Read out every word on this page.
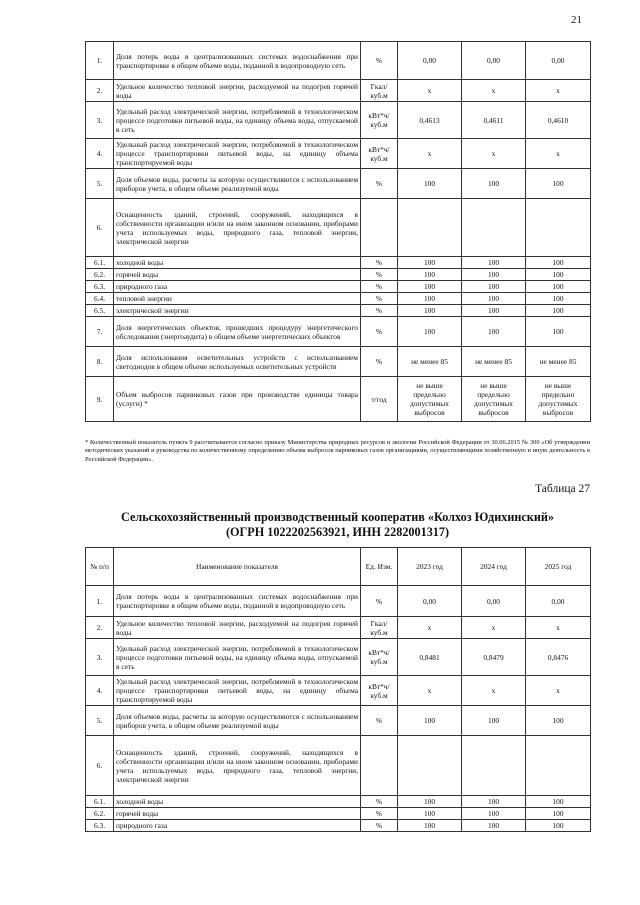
21
1.	Доля потерь воды в централизованных системах водоснабжения при транспортировке в общем объеме воды, поданной в водопроводную сеть	%	0,00	0,00	0,00
2.	Удельное количество тепловой энергии, расходуемой на подогрев горячей воды	Гкал/ куб.м	х	х	х
3.	Удельный расход электрической энергии, потребляемой в технологическом процессе подготовки питьевой воды, на единицу объема воды, отпускаемой в сеть	кВт*ч/ куб.м	0,4613	0,4611	0,4610
4.	Удельный расход электрической энергии, потребляемой в технологическом процессе транспортировки питьевой воды, на единицу объема транспортируемой воды	кВт*ч/ куб.м	х	х	х
5.	Доля объемов воды, расчеты за которую осуществляются с использованием приборов учета, в общем объеме реализуемой воды	%	100	100	100
6.	Оснащенность зданий, строений, сооружений, находящихся в собственности организации и/или на ином законном основании, приборами учета используемых воды, природного газа, тепловой энергии, электрической энергии				
6.1.	холодной воды	%	100	100	100
6.2.	горячей воды	%	100	100	100
6.3.	природного газа	%	100	100	100
6.4.	тепловой энергии	%	100	100	100
6.5.	электрической энергии	%	100	100	100
7.	Доля энергетических объектов, прошедших процедуру энергетического обследования (энергоаудита) в общем объеме энергетических объектов	%	100	100	100
8.	Доля использования осветительных устройств с использованием светодиодов в общем объеме используемых осветительных устройств	%	не менее 85	не менее 85	не менее 85
9.	Объем выбросов парниковых газов при производстве единицы товара (услуги) *	т/год	не выше предельно допустимых выбросов	не выше предельно допустимых выбросов	не выше предельно допустимых выбросов
* Количественный показатель пункта 9 рассчитывается согласно приказу Министерства природных ресурсов и экологии Российской Федерации от 30.06.2015 № 300 «Об утверждении методических указаний и руководства по количественному определению объема выбросов парниковых газов организациями, осуществляющими хозяйственную и иную деятельность в Российской Федерации».
Таблица 27
Сельскохозяйственный производственный кооператив «Колхоз Юдихинский»
(ОГРН 1022202563921, ИНН 2282001317)
№ п/п	Наименование показателя	Ед. Изм.	2023 год	2024 год	2025 год
1.	Доля потерь воды в централизованных системах водоснабжения при транспортировке в общем объеме воды, поданной в водопроводную сеть	%	0,00	0,00	0,00
2.	Удельное количество тепловой энергии, расходуемой на подогрев горячей воды	Гкал/ куб.м	х	х	х
3.	Удельный расход электрической энергии, потребляемой в технологическом процессе подготовки питьевой воды, на единицу объема воды, отпускаемой в сеть	кВт*ч/ куб.м	0,8481	0,8479	0,8476
4.	Удельный расход электрической энергии, потребляемой в технологическом процессе транспортировки питьевой воды, на единицу объема транспортируемой воды	кВт*ч/ куб.м	х	х	х
5.	Доля объемов воды, расчеты за которую осуществляются с использованием приборов учета, в общем объеме реализуемой воды	%	100	100	100
6.	Оснащенность зданий, строений, сооружений, находящихся в собственности организации и/или на ином законном основании, приборами учета используемых воды, природного газа, тепловой энергии, электрической энергии				
6.1.	холодной воды	%	100	100	100
6.2.	горячей воды	%	100	100	100
6.3.	природного газа	%	100	100	100
